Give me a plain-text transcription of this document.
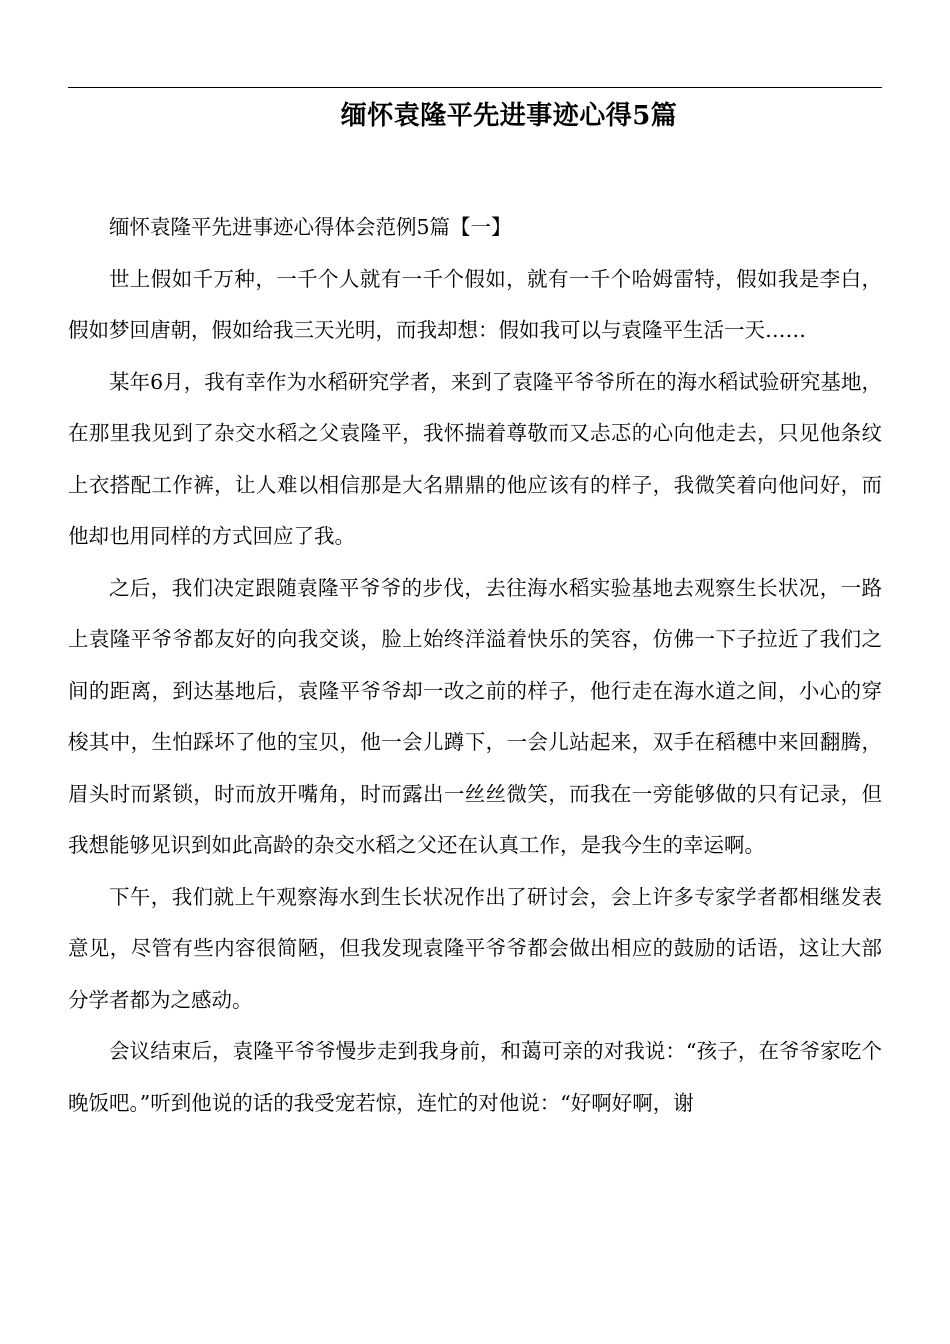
缅怀袁隆平先进事迹心得5篇

缅怀袁隆平先进事迹心得体会范例5篇【一】

世上假如千万种，一千个人就有一千个假如，就有一千个哈姆雷特，假如我是李白，假如梦回唐朝，假如给我三天光明，而我却想：假如我可以与袁隆平生活一天……

某年6月，我有幸作为水稻研究学者，来到了袁隆平爷爷所在的海水稻试验研究基地，在那里我见到了杂交水稻之父袁隆平，我怀揣着尊敬而又忐忑的心向他走去，只见他条纹上衣搭配工作裤，让人难以相信那是大名鼎鼎的他应该有的样子，我微笑着向他问好，而他却也用同样的方式回应了我。

之后，我们决定跟随袁隆平爷爷的步伐，去往海水稻实验基地去观察生长状况，一路上袁隆平爷爷都友好的向我交谈，脸上始终洋溢着快乐的笑容，仿佛一下子拉近了我们之间的距离，到达基地后，袁隆平爷爷却一改之前的样子，他行走在海水道之间，小心的穿梭其中，生怕踩坏了他的宝贝，他一会儿蹲下，一会儿站起来，双手在稻穗中来回翻腾，眉头时而紧锁，时而放开嘴角，时而露出一丝丝微笑，而我在一旁能够做的只有记录，但我想能够见识到如此高龄的杂交水稻之父还在认真工作，是我今生的幸运啊。

下午，我们就上午观察海水到生长状况作出了研讨会，会上许多专家学者都相继发表意见，尽管有些内容很简陋，但我发现袁隆平爷爷都会做出相应的鼓励的话语，这让大部分学者都为之感动。

会议结束后，袁隆平爷爷慢步走到我身前，和蔼可亲的对我说：“孩子，在爷爷家吃个晚饭吧。”听到他说的话的我受宠若惊，连忙的对他说：“好啊好啊，谢
